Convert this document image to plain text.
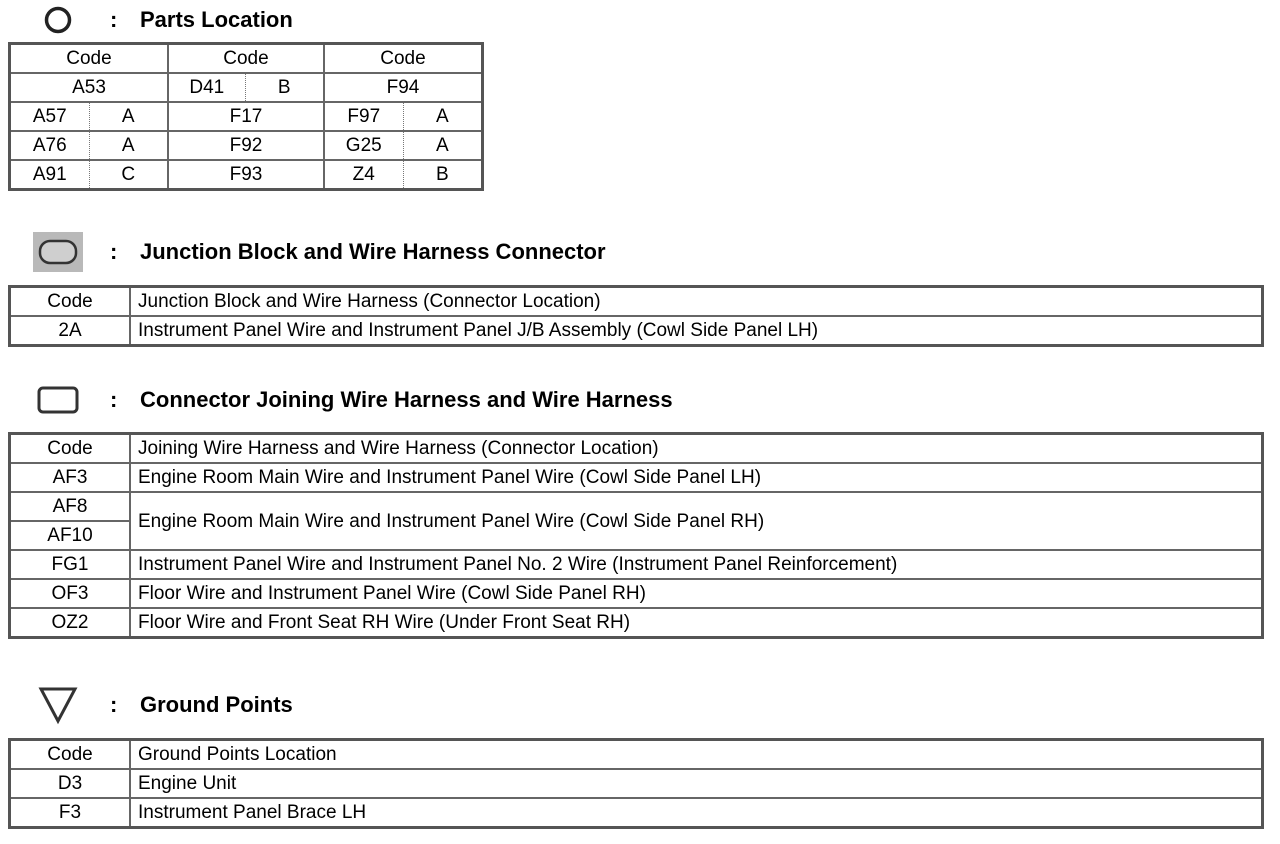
: Parts Location
Code		Code		Code	
A53		D41	B	F94	
A57	A	F17		F97	A
A76	A	F92		G25	A
A91	C	F93		Z4	B
: Junction Block and Wire Harness Connector
Code	Junction Block and Wire Harness (Connector Location)
2A	Instrument Panel Wire and Instrument Panel J/B Assembly (Cowl Side Panel LH)
: Connector Joining Wire Harness and Wire Harness
Code	Joining Wire Harness and Wire Harness (Connector Location)
AF3	Engine Room Main Wire and Instrument Panel Wire (Cowl Side Panel LH)
AF8	Engine Room Main Wire and Instrument Panel Wire (Cowl Side Panel RH)
AF10	
FG1	Instrument Panel Wire and Instrument Panel No. 2 Wire (Instrument Panel Reinforcement)
OF3	Floor Wire and Instrument Panel Wire (Cowl Side Panel RH)
OZ2	Floor Wire and Front Seat RH Wire (Under Front Seat RH)
: Ground Points
Code	Ground Points Location
D3	Engine Unit
F3	Instrument Panel Brace LH
